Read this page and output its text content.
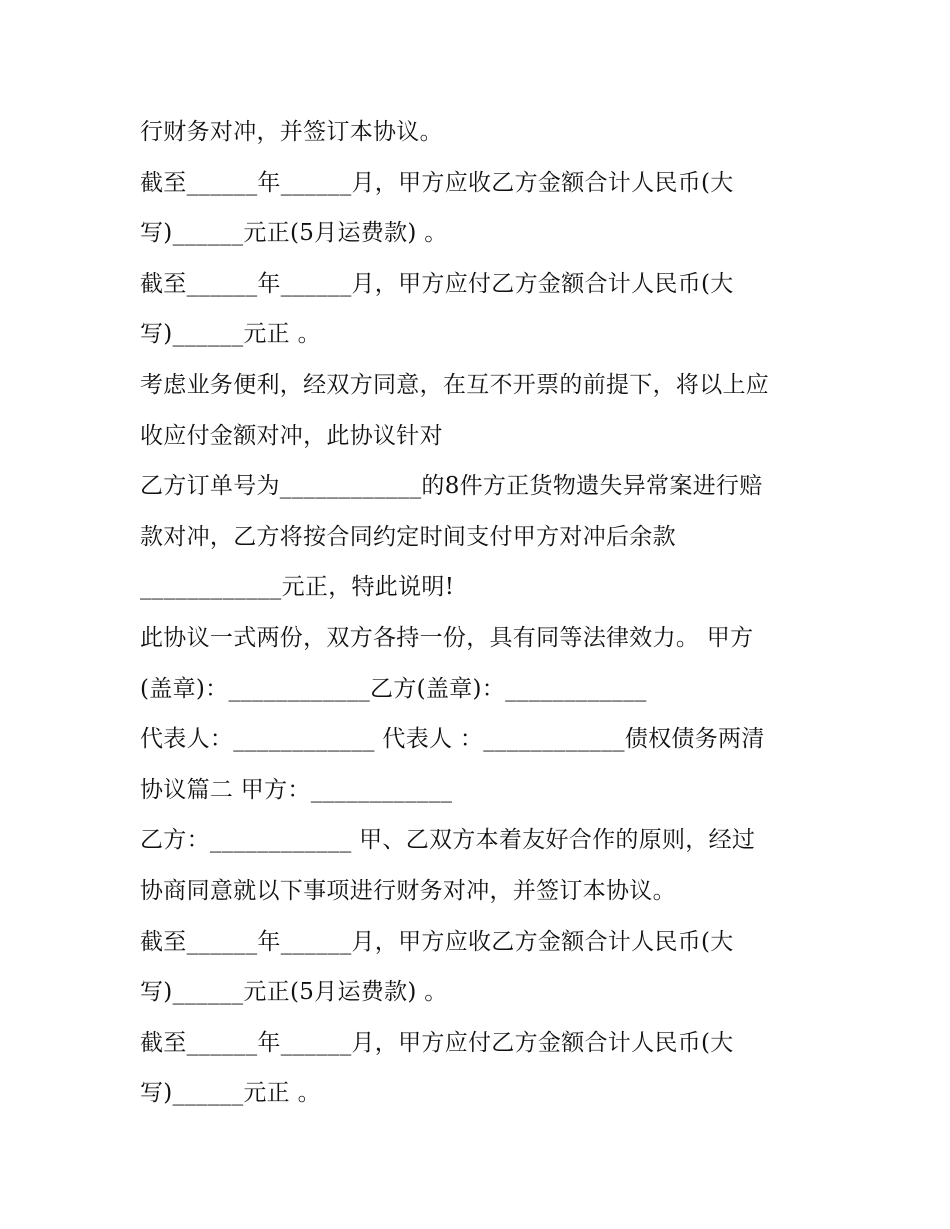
行财务对冲，并签订本协议。
截至______年______月，甲方应收乙方金额合计人民币(大
写)______元正(5月运费款) 。
截至______年______月，甲方应付乙方金额合计人民币(大
写)______元正 。
考虑业务便利，经双方同意，在互不开票的前提下，将以上应
收应付金额对冲，此协议针对
乙方订单号为____________的8件方正货物遗失异常案进行赔
款对冲，乙方将按合同约定时间支付甲方对冲后余款
____________元正，特此说明!
此协议一式两份，双方各持一份，具有同等法律效力。 甲方
(盖章)：____________乙方(盖章)：____________
代表人：____________ 代表人 ：____________债权债务两清
协议篇二 甲方：____________
乙方：____________ 甲、乙双方本着友好合作的原则，经过
协商同意就以下事项进行财务对冲，并签订本协议。
截至______年______月，甲方应收乙方金额合计人民币(大
写)______元正(5月运费款) 。
截至______年______月，甲方应付乙方金额合计人民币(大
写)______元正 。
